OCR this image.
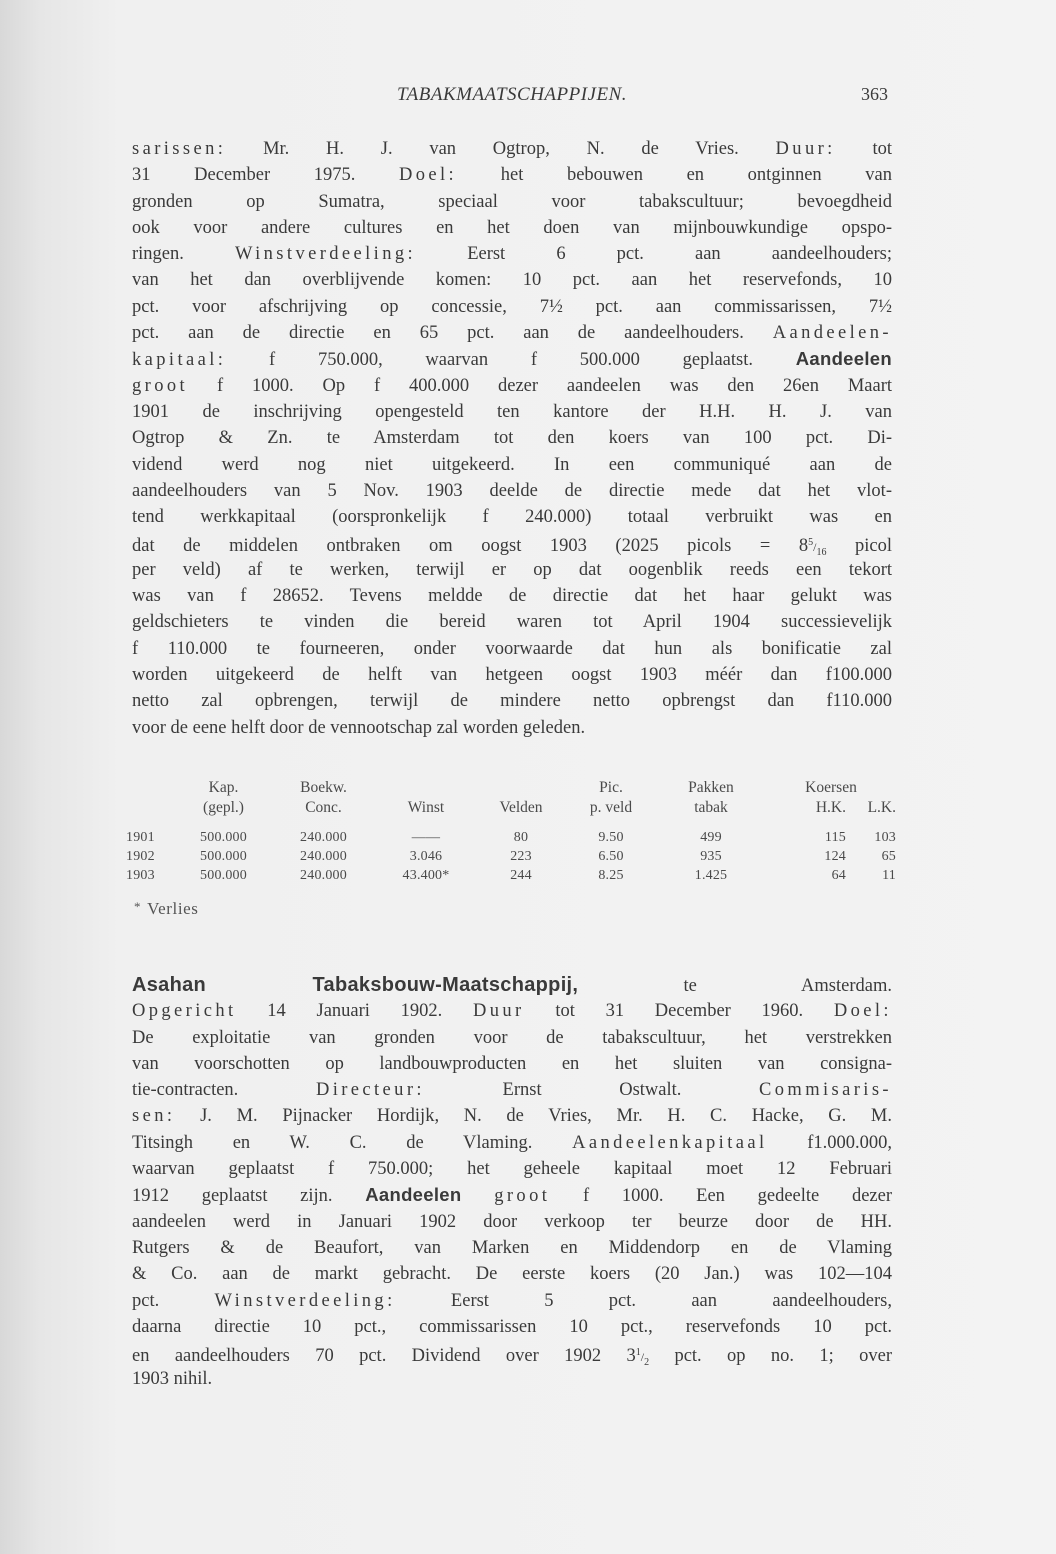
TABAKMAATSCHAPPIJEN.	363
sarissen: Mr. H. J. van Ogtrop, N. de Vries. Duur: tot
31 December 1975. Doel: het bebouwen en ontginnen van
gronden op Sumatra, speciaal voor tabakscultuur; bevoegdheid
ook voor andere cultures en het doen van mijnbouwkundige opspo-
ringen. Winstverdeeling: Eerst 6 pct. aan aandeelhouders;
van het dan overblijvende komen: 10 pct. aan het reservefonds, 10
pct. voor afschrijving op concessie, 7½ pct. aan commissarissen, 7½
pct. aan de directie en 65 pct. aan de aandeelhouders. Aandeelen-
kapitaal: f 750.000, waarvan f 500.000 geplaatst. Aandeelen
groot f 1000. Op f 400.000 dezer aandeelen was den 26en Maart
1901 de inschrijving opengesteld ten kantore der H.H. H. J. van
Ogtrop & Zn. te Amsterdam tot den koers van 100 pct. Di-
vidend werd nog niet uitgekeerd. In een communiqué aan de
aandeelhouders van 5 Nov. 1903 deelde de directie mede dat het vlot-
tend werkkapitaal (oorspronkelijk f 240.000) totaal verbruikt was en
dat de middelen ontbraken om oogst 1903 (2025 picols = $8^5/_{16}$ picol
per veld) af te werken, terwijl er op dat oogenblik reeds een tekort
was van f 28652. Tevens meldde de directie dat het haar gelukt was
geldschieters te vinden die bereid waren tot April 1904 successievelijk
f 110.000 te fourneeren, onder voorwaarde dat hun als bonificatie zal
worden uitgekeerd de helft van hetgeen oogst 1903 méér dan f100.000
netto zal opbrengen, terwijl de mindere netto opbrengst dan f110.000
voor de eene helft door de vennootschap zal worden geleden.
	Kap.	Boekw.			Pic.	Pakken	Koersen	
	(gepl.)	Conc.	Winst	Velden	p. veld	tabak	H.K.	L.K.
1901	500.000	240.000	——	80	9.50	499	115	103
1902	500.000	240.000	3.046	223	6.50	935	124	65
1903	500.000	240.000	43.400*	244	8.25	1.425	64	11
* Verlies
Asahan Tabaksbouw-Maatschappij, te Amsterdam.
Opgericht 14 Januari 1902. Duur tot 31 December 1960. Doel:
De exploitatie van gronden voor de tabakscultuur, het verstrekken
van voorschotten op landbouwproducten en het sluiten van consigna-
tie-contracten. Directeur: Ernst Ostwalt. Commisaris-
sen: J. M. Pijnacker Hordijk, N. de Vries, Mr. H. C. Hacke, G. M.
Titsingh en W. C. de Vlaming. Aandeelenkapitaal f1.000.000,
waarvan geplaatst f 750.000; het geheele kapitaal moet 12 Februari
1912 geplaatst zijn. Aandeelen groot f 1000. Een gedeelte dezer
aandeelen werd in Januari 1902 door verkoop ter beurze door de HH.
Rutgers & de Beaufort, van Marken en Middendorp en de Vlaming
& Co. aan de markt gebracht. De eerste koers (20 Jan.) was 102—104
pct. Winstverdeeling: Eerst 5 pct. aan aandeelhouders,
daarna directie 10 pct., commissarissen 10 pct., reservefonds 10 pct.
en aandeelhouders 70 pct. Dividend over 1902 $3^1/_2$ pct. op no. 1; over
1903 nihil.
